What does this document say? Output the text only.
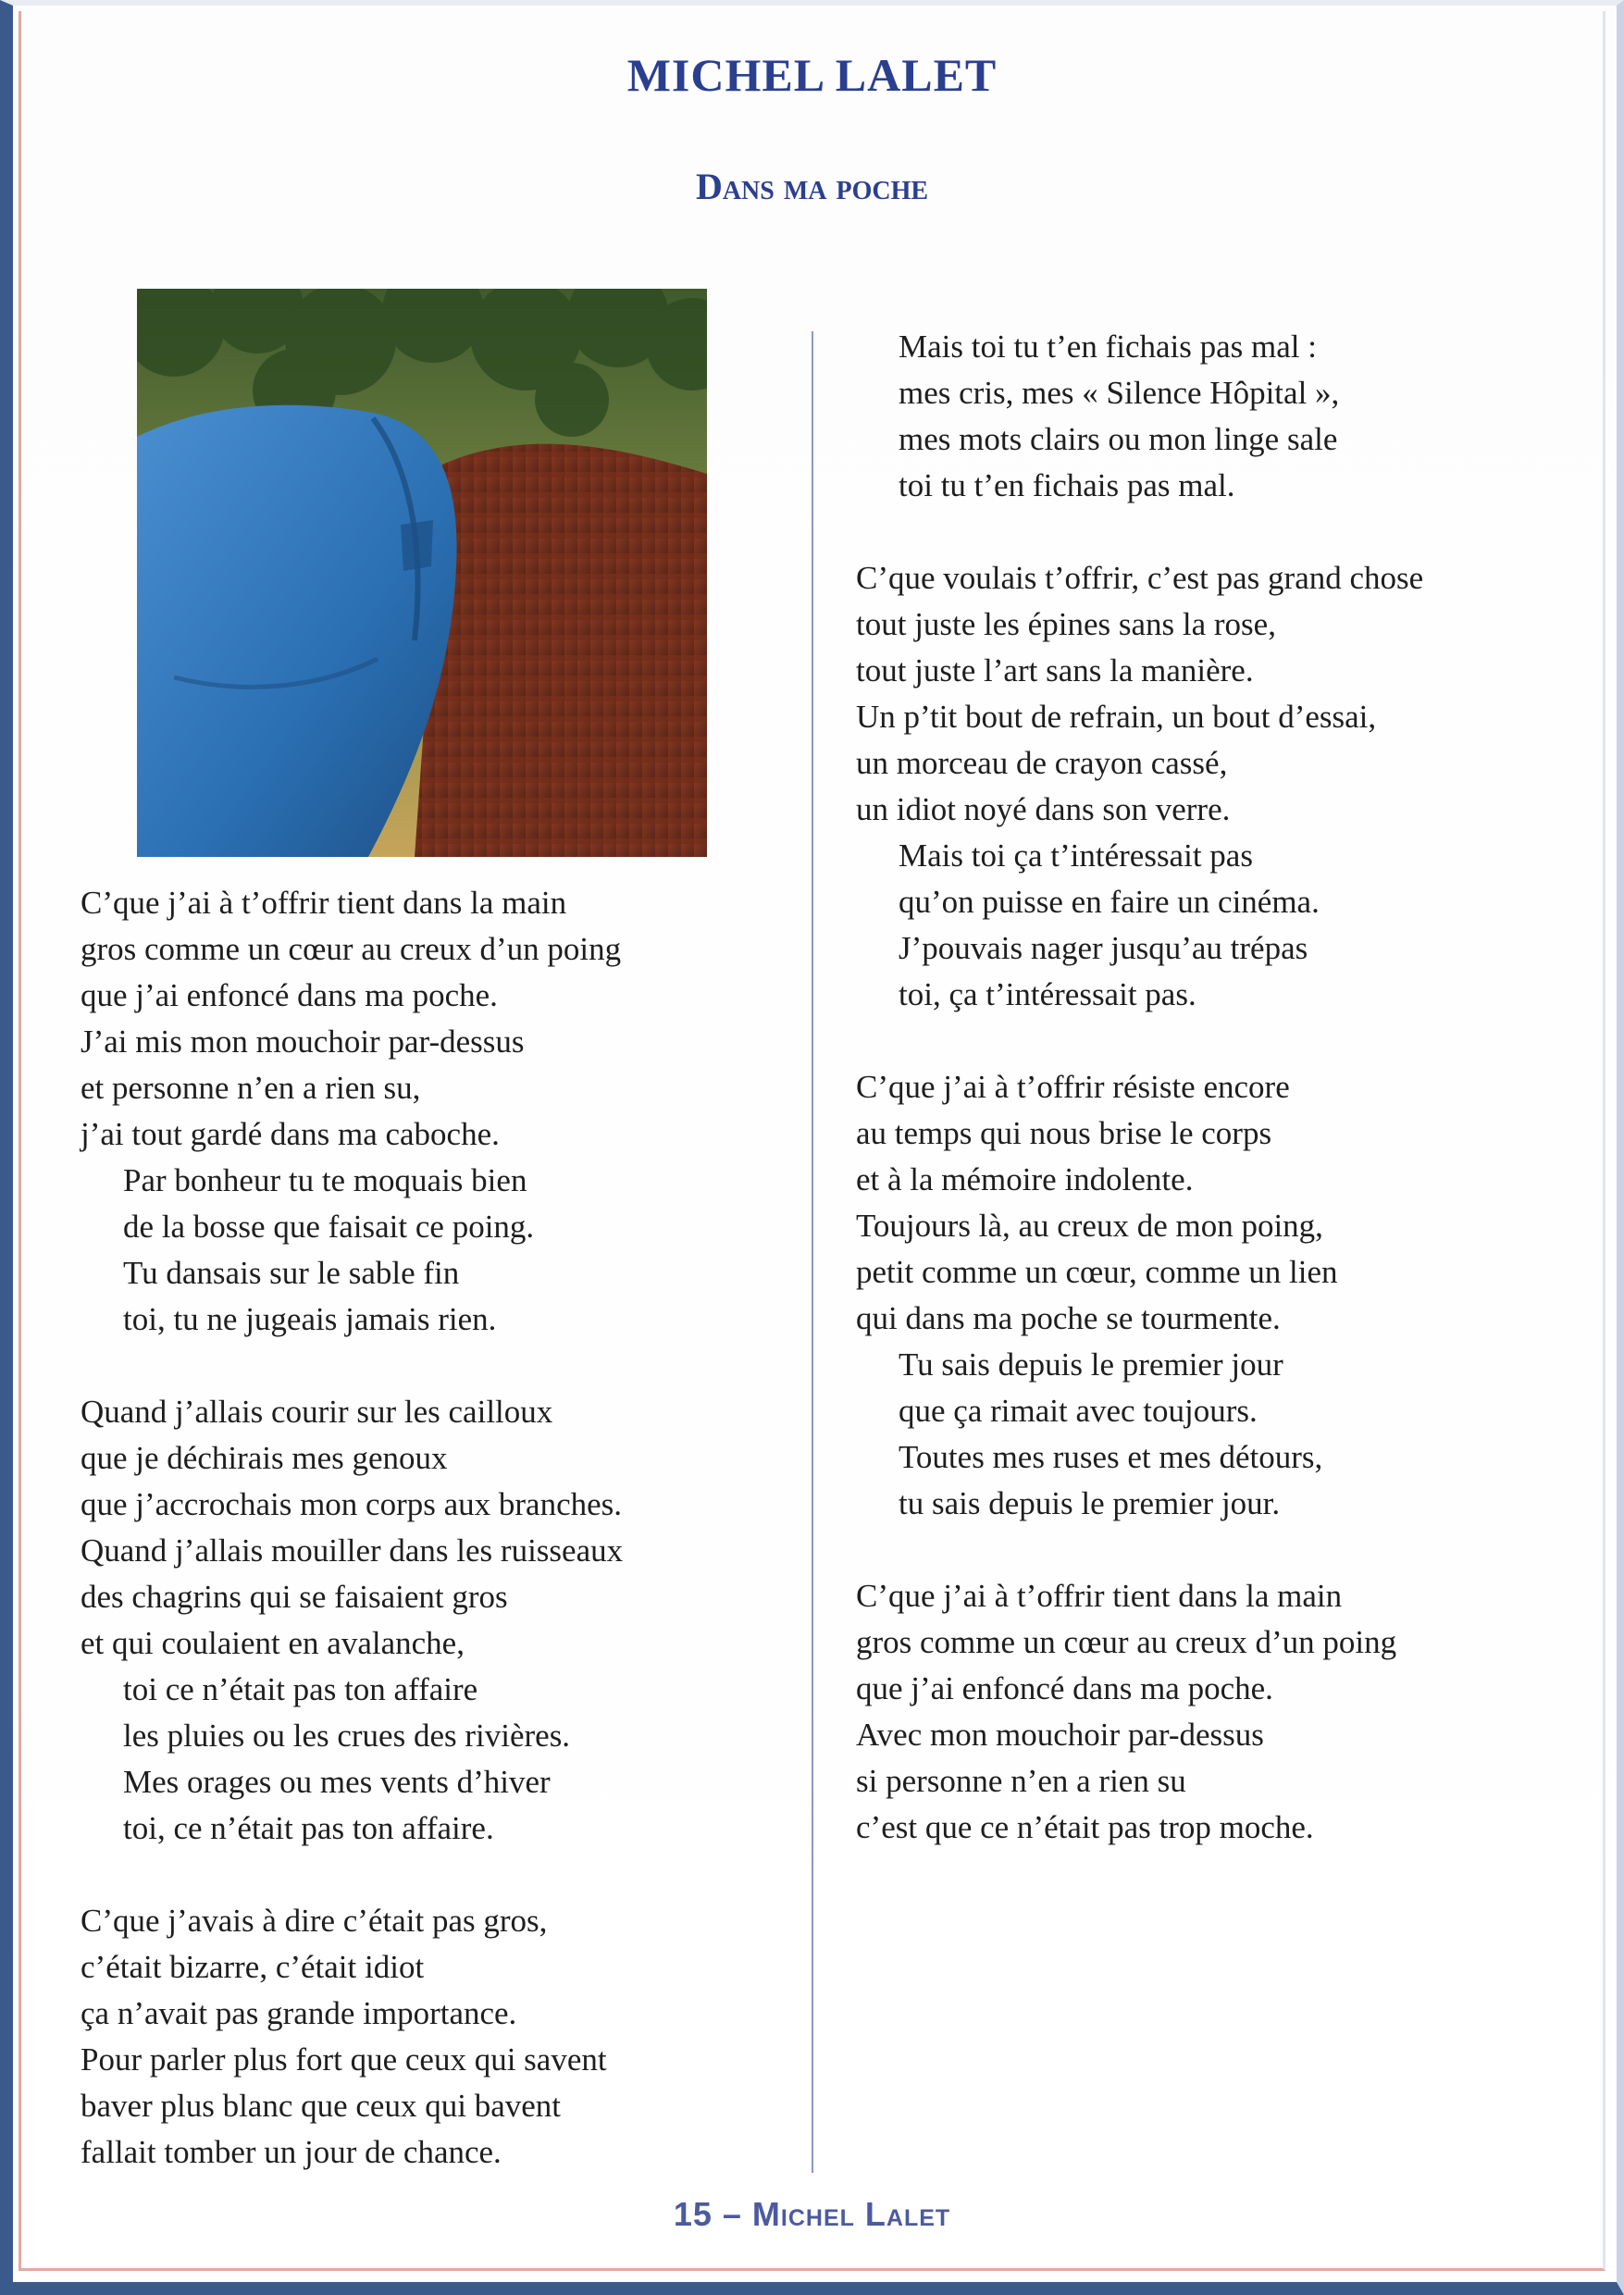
MICHEL LALET
Dans ma poche
C’que j’ai à t’offrir tient dans la main
gros comme un cœur au creux d’un poing
que j’ai enfoncé dans ma poche.
J’ai mis mon mouchoir par-dessus
et personne n’en a rien su,
j’ai tout gardé dans ma caboche.
Par bonheur tu te moquais bien
de la bosse que faisait ce poing.
Tu dansais sur le sable fin
toi, tu ne jugeais jamais rien.
Quand j’allais courir sur les cailloux
que je déchirais mes genoux
que j’accrochais mon corps aux branches.
Quand j’allais mouiller dans les ruisseaux
des chagrins qui se faisaient gros
et qui coulaient en avalanche,
toi ce n’était pas ton affaire
les pluies ou les crues des rivières.
Mes orages ou mes vents d’hiver
toi, ce n’était pas ton affaire.
C’que j’avais à dire c’était pas gros,
c’était bizarre, c’était idiot
ça n’avait pas grande importance.
Pour parler plus fort que ceux qui savent
baver plus blanc que ceux qui bavent
fallait tomber un jour de chance.
Mais toi tu t’en fichais pas mal :
mes cris, mes « Silence Hôpital »,
mes mots clairs ou mon linge sale
toi tu t’en fichais pas mal.
C’que voulais t’offrir, c’est pas grand chose
tout juste les épines sans la rose,
tout juste l’art sans la manière.
Un p’tit bout de refrain, un bout d’essai,
un morceau de crayon cassé,
un idiot noyé dans son verre.
Mais toi ça t’intéressait pas
qu’on puisse en faire un cinéma.
J’pouvais nager jusqu’au trépas
toi, ça t’intéressait pas.
C’que j’ai à t’offrir résiste encore
au temps qui nous brise le corps
et à la mémoire indolente.
Toujours là, au creux de mon poing,
petit comme un cœur, comme un lien
qui dans ma poche se tourmente.
Tu sais depuis le premier jour
que ça rimait avec toujours.
Toutes mes ruses et mes détours,
tu sais depuis le premier jour.
C’que j’ai à t’offrir tient dans la main
gros comme un cœur au creux d’un poing
que j’ai enfoncé dans ma poche.
Avec mon mouchoir par-dessus
si personne n’en a rien su
c’est que ce n’était pas trop moche.
15 – Michel Lalet
